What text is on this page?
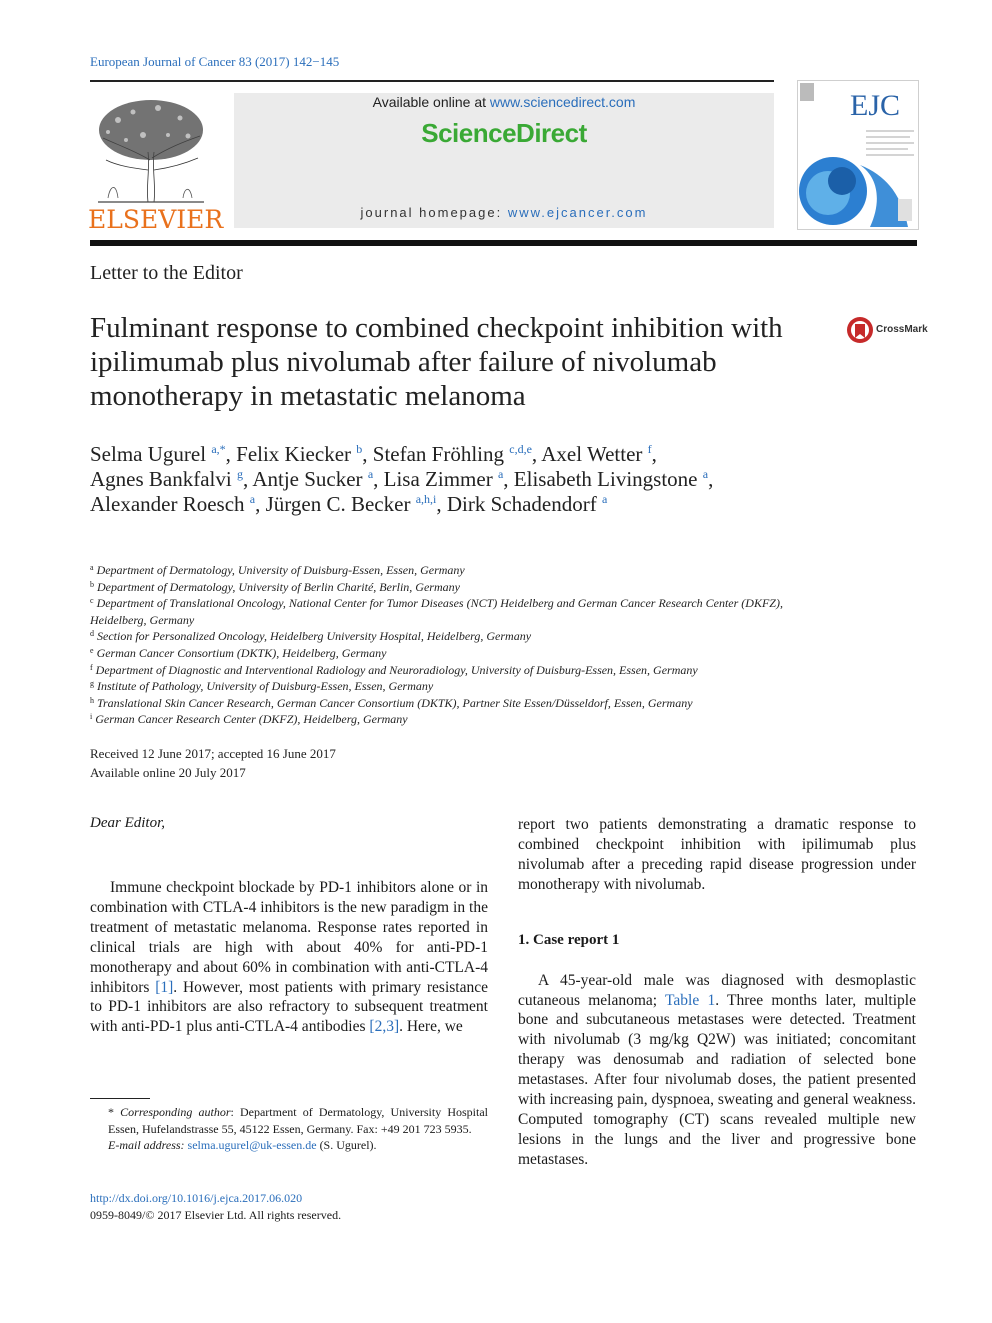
European Journal of Cancer 83 (2017) 142−145
ELSEVIER
Available online at www.sciencedirect.com
ScienceDirect
journal homepage: www.ejcancer.com
EJC
Letter to the Editor
Fulminant response to combined checkpoint inhibition with ipilimumab plus nivolumab after failure of nivolumab monotherapy in metastatic melanoma
CrossMark
Selma Ugurel $^{a,*}$, Felix Kiecker $^b$, Stefan Fröhling $^{c,d,e}$, Axel Wetter $^f$,
Agnes Bankfalvi $^g$, Antje Sucker $^a$, Lisa Zimmer $^a$, Elisabeth Livingstone $^a$,
Alexander Roesch $^a$, Jürgen C. Becker $^{a,h,i}$, Dirk Schadendorf $^a$
$^a$ Department of Dermatology, University of Duisburg-Essen, Essen, Germany
$^b$ Department of Dermatology, University of Berlin Charité, Berlin, Germany
$^c$ Department of Translational Oncology, National Center for Tumor Diseases (NCT) Heidelberg and German Cancer Research Center (DKFZ), Heidelberg, Germany
$^d$ Section for Personalized Oncology, Heidelberg University Hospital, Heidelberg, Germany
$^e$ German Cancer Consortium (DKTK), Heidelberg, Germany
$^f$ Department of Diagnostic and Interventional Radiology and Neuroradiology, University of Duisburg-Essen, Essen, Germany
$^g$ Institute of Pathology, University of Duisburg-Essen, Essen, Germany
$^h$ Translational Skin Cancer Research, German Cancer Consortium (DKTK), Partner Site Essen/Düsseldorf, Essen, Germany
$^i$ German Cancer Research Center (DKFZ), Heidelberg, Germany
Received 12 June 2017; accepted 16 June 2017
Available online 20 July 2017

Dear Editor,

Immune checkpoint blockade by PD-1 inhibitors alone or in combination with CTLA-4 inhibitors is the new paradigm in the treatment of metastatic melanoma. Response rates reported in clinical trials are high with about 40% for anti-PD-1 monotherapy and about 60% in combination with anti-CTLA-4 inhibitors [1]. However, most patients with primary resistance to PD-1 inhibitors are also refractory to subsequent treatment with anti-PD-1 plus anti-CTLA-4 antibodies [2,3]. Here, we

report two patients demonstrating a dramatic response to combined checkpoint inhibition with ipilimumab plus nivolumab after a preceding rapid disease progression under monotherapy with nivolumab.

1. Case report 1

A 45-year-old male was diagnosed with desmoplastic cutaneous melanoma; Table 1. Three months later, multiple bone and subcutaneous metastases were detected. Treatment with nivolumab (3 mg/kg Q2W) was initiated; concomitant therapy was denosumab and radiation of selected bone metastases. After four nivolumab doses, the patient presented with increasing pain, dyspnoea, sweating and general weakness. Computed tomography (CT) scans revealed multiple new lesions in the lungs and the liver and progressive bone metastases.

* Corresponding author: Department of Dermatology, University Hospital Essen, Hufelandstrasse 55, 45122 Essen, Germany. Fax: +49 201 723 5935.
E-mail address: selma.ugurel@uk-essen.de (S. Ugurel).
http://dx.doi.org/10.1016/j.ejca.2017.06.020
0959-8049/© 2017 Elsevier Ltd. All rights reserved.
